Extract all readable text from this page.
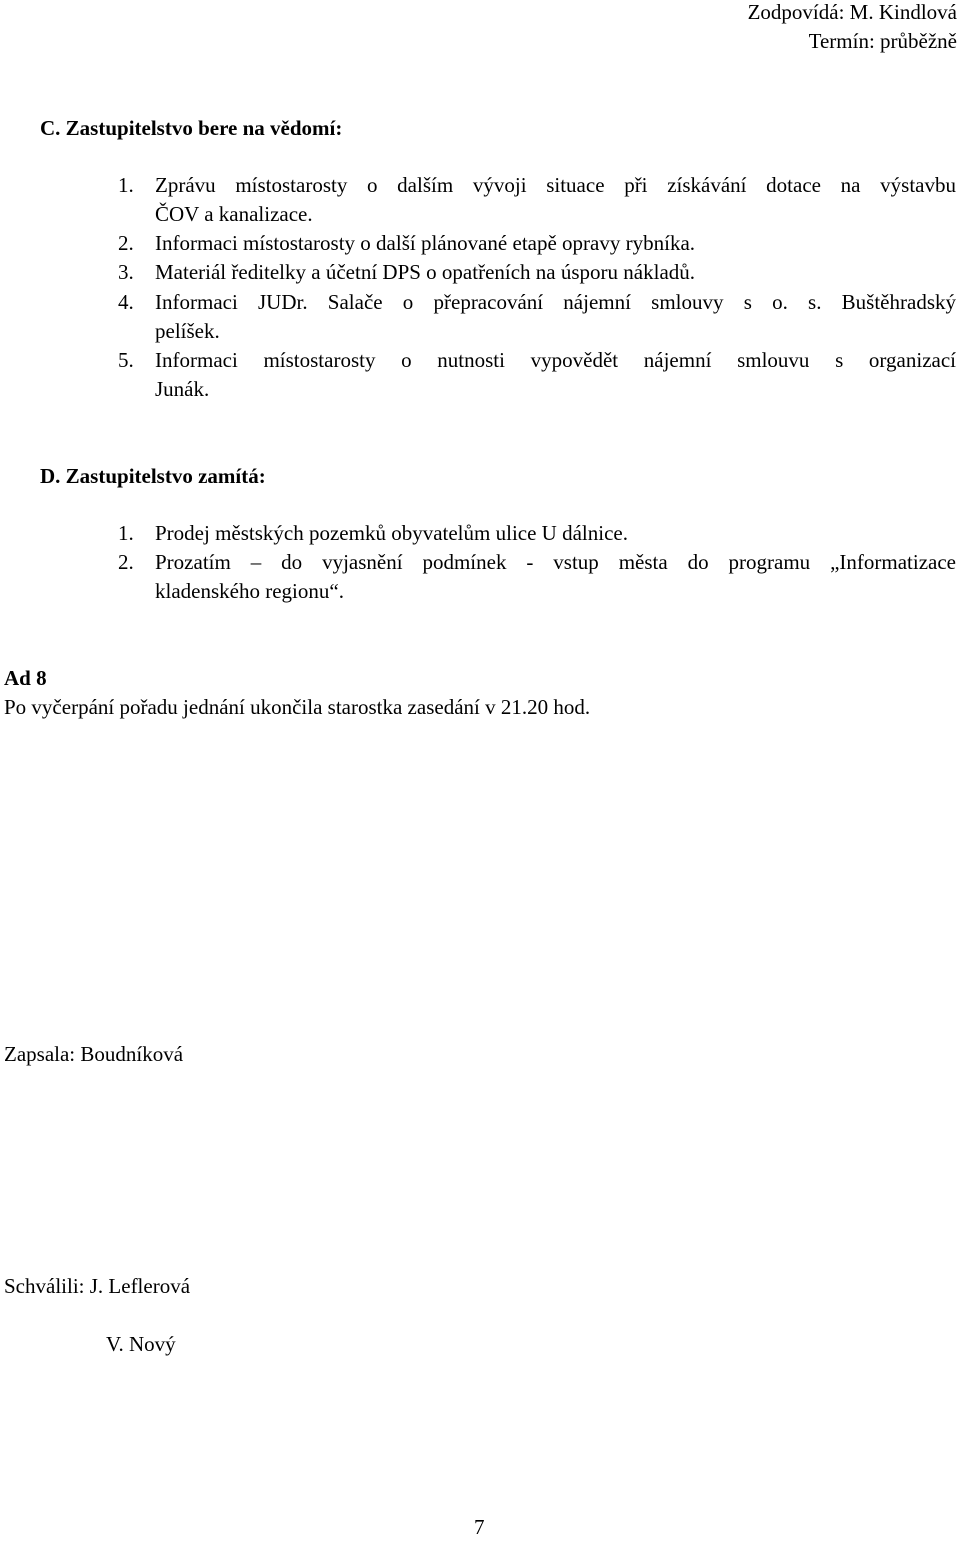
Zodpovídá: M. Kindlová
Termín: průběžně
C. Zastupitelstvo bere na vědomí:
1.	Zprávu místostarosty o dalším vývoji situace při získávání dotace na výstavbu
ČOV a kanalizace.
2.	Informaci místostarosty o další plánované etapě opravy rybníka.
3.	Materiál ředitelky a účetní DPS o opatřeních na úsporu nákladů.
4.	Informaci JUDr. Salače o přepracování nájemní smlouvy s o. s. Buštěhradský
pelíšek.
5.	Informaci místostarosty o nutnosti vypovědět nájemní smlouvu s organizací
Junák.
D. Zastupitelstvo zamítá:
1.	Prodej městských pozemků obyvatelům ulice U dálnice.
2.	Prozatím – do vyjasnění podmínek - vstup města do programu „Informatizace
kladenského regionu“.
Ad 8
Po vyčerpání pořadu jednání ukončila starostka zasedání v 21.20 hod.
Zapsala: Boudníková
Schválili: J. Leflerová
V. Nový
7
